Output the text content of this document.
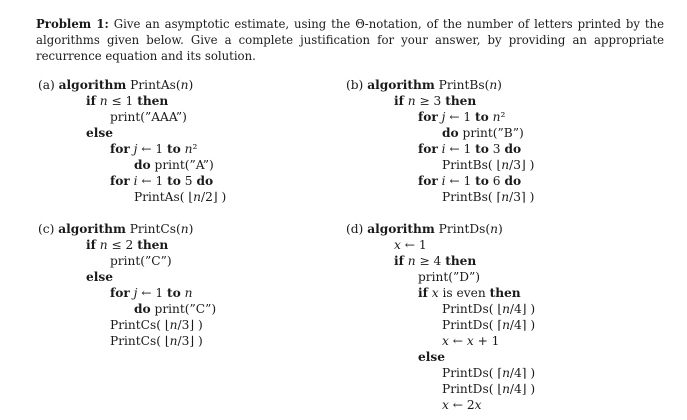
Problem 1: Give an asymptotic estimate, using the Θ-notation, of the number of letters printed by the algorithms given below. Give a complete justification for your answer, by providing an appropriate recurrence equation and its solution.
(a) algorithm PrintAs(𝑛)
if 𝑛 ≤ 1 then
print(”AAA”)
else
for 𝑗 ← 1 to 𝑛²
do print(”A”)
for 𝑖 ← 1 to 5 do
PrintAs( ⌊𝑛/2⌋ )
(b) algorithm PrintBs(𝑛)
if 𝑛 ≥ 3 then
for 𝑗 ← 1 to 𝑛²
do print(”B”)
for 𝑖 ← 1 to 3 do
PrintBs( ⌊𝑛/3⌋ )
for 𝑖 ← 1 to 6 do
PrintBs( ⌈𝑛/3⌉ )
(c) algorithm PrintCs(𝑛)
if 𝑛 ≤ 2 then
print(”C”)
else
for 𝑗 ← 1 to 𝑛
do print(”C”)
PrintCs( ⌊𝑛/3⌋ )
PrintCs( ⌊𝑛/3⌋ )
(d) algorithm PrintDs(𝑛)
𝑥 ← 1
if 𝑛 ≥ 4 then
print(”D”)
if 𝑥 is even then
PrintDs( ⌊𝑛/4⌋ )
PrintDs( ⌈𝑛/4⌉ )
𝑥 ← 𝑥 + 1
else
PrintDs( ⌈𝑛/4⌉ )
PrintDs( ⌊𝑛/4⌋ )
𝑥 ← 2𝑥
